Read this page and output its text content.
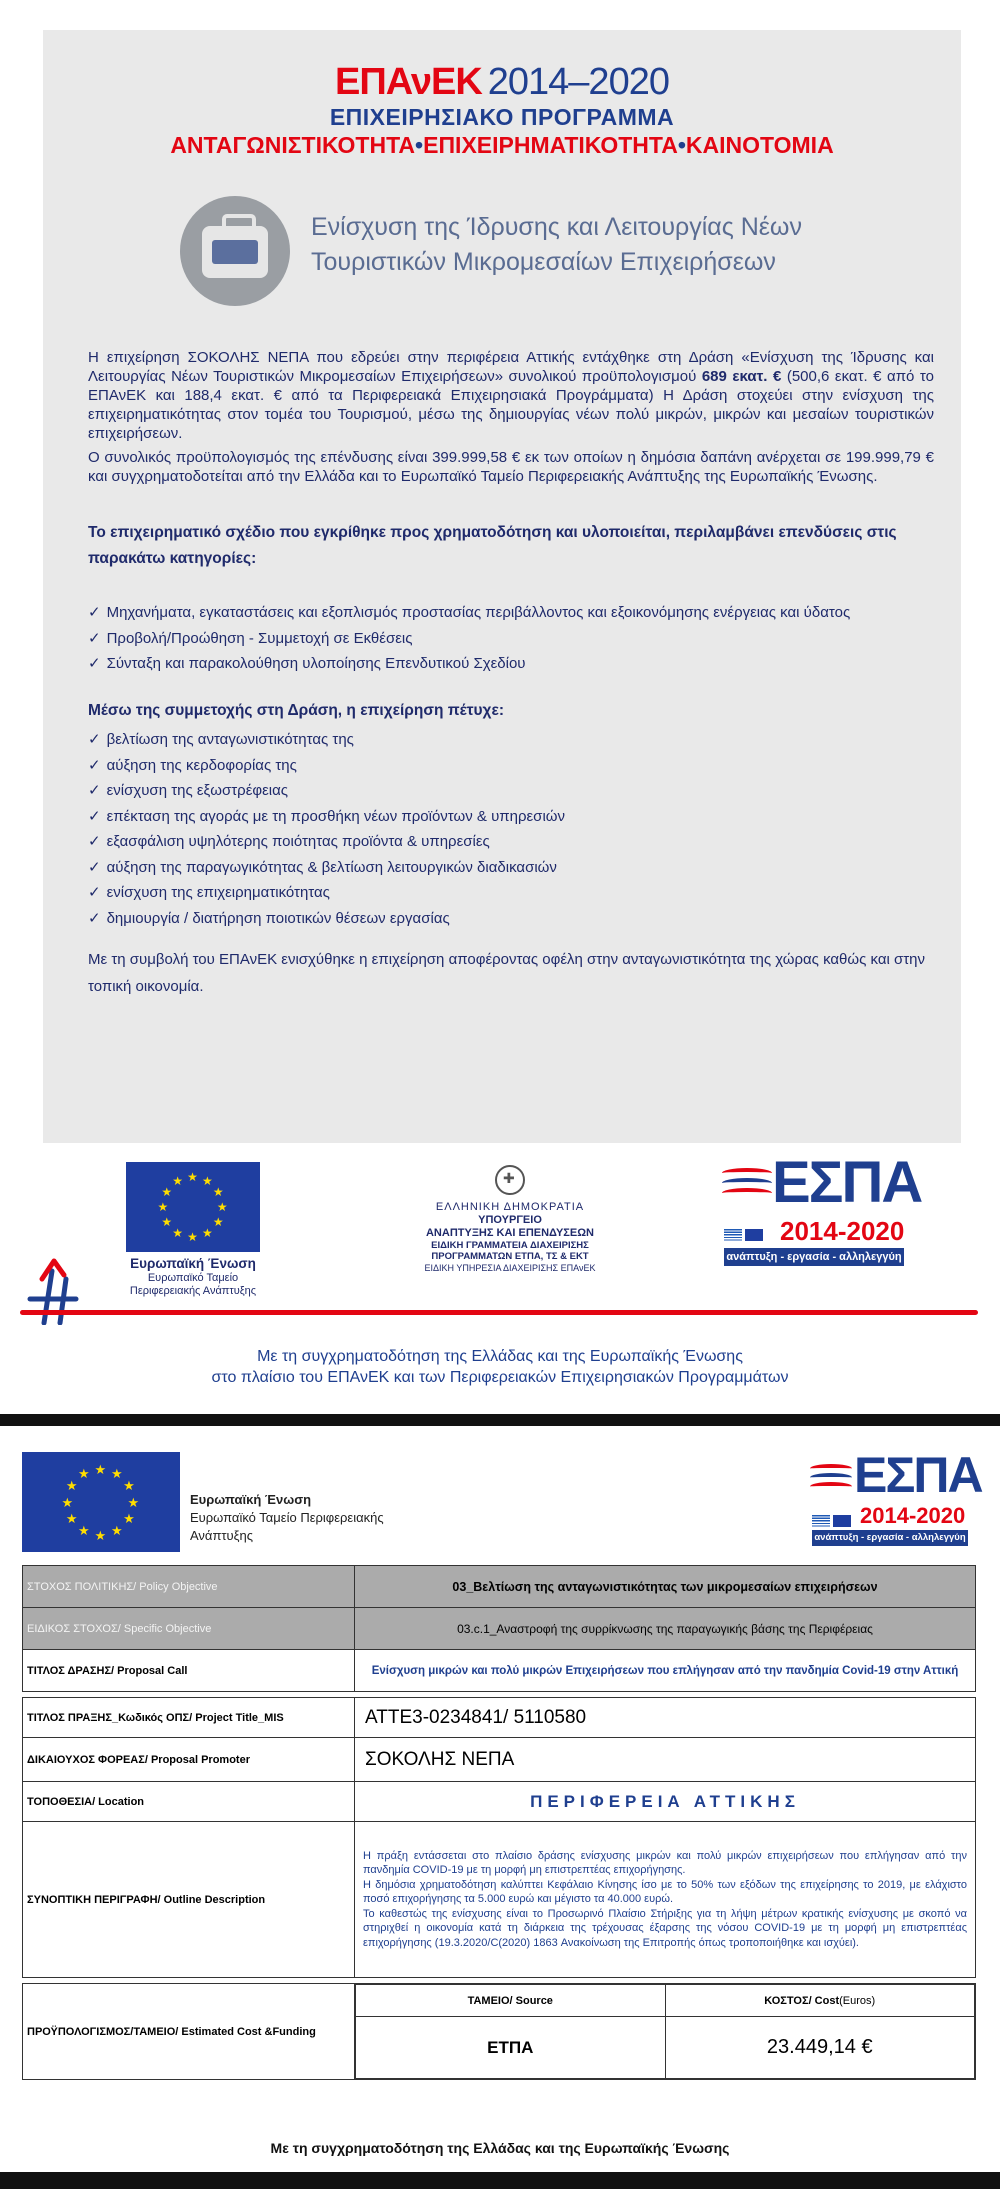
ΕΠΑνΕΚ 2014–2020
ΕΠΙΧΕΙΡΗΣΙΑΚΟ ΠΡΟΓΡΑΜΜΑ
ΑΝΤΑΓΩΝΙΣΤΙΚΟΤΗΤΑ•ΕΠΙΧΕΙΡΗΜΑΤΙΚΟΤΗΤΑ•ΚΑΙΝΟΤΟΜΙΑ
Ενίσχυση της Ίδρυσης και Λειτουργίας Νέων
Τουριστικών Μικρομεσαίων Επιχειρήσεων

Η επιχείρηση ΣΟΚΟΛΗΣ ΝΕΠΑ που εδρεύει στην περιφέρεια Αττικής εντάχθηκε στη Δράση «Ενίσχυση της Ίδρυσης και Λειτουργίας Νέων Τουριστικών Μικρομεσαίων Επιχειρήσεων» συνολικού προϋπολογισμού 689 εκατ. € (500,6 εκατ. € από το ΕΠΑνΕΚ και 188,4 εκατ. € από τα Περιφερειακά Επιχειρησιακά Προγράμματα) Η Δράση στοχεύει στην ενίσχυση της επιχειρηματικότητας στον τομέα του Τουρισμού, μέσω της δημιουργίας νέων πολύ μικρών, μικρών και μεσαίων τουριστικών επιχειρήσεων.

Ο συνολικός προϋπολογισμός της επένδυσης είναι 399.999,58 € εκ των οποίων η δημόσια δαπάνη ανέρχεται σε 199.999,79 € και συγχρηματοδοτείται από την Ελλάδα και το Ευρωπαϊκό Ταμείο Περιφερειακής Ανάπτυξης της Ευρωπαϊκής Ένωσης.

Το επιχειρηματικό σχέδιο που εγκρίθηκε προς χρηματοδότηση και υλοποιείται, περιλαμβάνει επενδύσεις στις παρακάτω κατηγορίες:
✓ Μηχανήματα, εγκαταστάσεις και εξοπλισμός προστασίας περιβάλλοντος και εξοικονόμησης ενέργειας και ύδατος
✓ Προβολή/Προώθηση - Συμμετοχή σε Εκθέσεις
✓ Σύνταξη και παρακολούθηση υλοποίησης Επενδυτικού Σχεδίου
Μέσω της συμμετοχής στη Δράση, η επιχείρηση πέτυχε:
✓ βελτίωση της ανταγωνιστικότητας της
✓ αύξηση της κερδοφορίας της
✓ ενίσχυση της εξωστρέφειας
✓ επέκταση της αγοράς με τη προσθήκη νέων προϊόντων & υπηρεσιών
✓ εξασφάλιση υψηλότερης ποιότητας προϊόντα & υπηρεσίες
✓ αύξηση της παραγωγικότητας & βελτίωση λειτουργικών διαδικασιών
✓ ενίσχυση της επιχειρηματικότητας
✓ δημιουργία / διατήρηση ποιοτικών θέσεων εργασίας

Με τη συμβολή του ΕΠΑνΕΚ ενισχύθηκε η επιχείρηση αποφέροντας οφέλη στην ανταγωνιστικότητα της χώρας καθώς και στην τοπική οικονομία.

★ ★
★
★
★
★
★
★
★
★
★
★
Ευρωπαϊκή Ένωση
Ευρωπαϊκό Ταμείο
Περιφερειακής Ανάπτυξης
✚
ΕΛΛΗΝΙΚΗ ΔΗΜΟΚΡΑΤΙΑ
ΥΠΟΥΡΓΕΙΟ
ΑΝΑΠΤΥΞΗΣ ΚΑΙ ΕΠΕΝΔΥΣΕΩΝ
ΕΙΔΙΚΗ ΓΡΑΜΜΑΤΕΙΑ ΔΙΑΧΕΙΡΙΣΗΣ
ΠΡΟΓΡΑΜΜΑΤΩΝ ΕΤΠΑ, ΤΣ & ΕΚΤ
ΕΙΔΙΚΗ ΥΠΗΡΕΣΙΑ ΔΙΑΧΕΙΡΙΣΗΣ ΕΠΑνΕΚ
ΕΣΠΑ
2014-2020
ανάπτυξη - εργασία - αλληλεγγύη
Με τη συγχρηματοδότηση της Ελλάδας και της Ευρωπαϊκής Ένωσης
στο πλαίσιο του ΕΠΑνΕΚ και των Περιφερειακών Επιχειρησιακών Προγραμμάτων
★ ★
★
★
★
★
★
★
★
★
★
★
Ευρωπαϊκή Ένωση
Ευρωπαϊκό Ταμείο Περιφερειακής
Ανάπτυξης
ΕΣΠΑ
2014-2020
ανάπτυξη - εργασία - αλληλεγγύη
ΣΤΟΧΟΣ ΠΟΛΙΤΙΚΗΣ/ Policy Objective	03_Βελτίωση της ανταγωνιστικότητας των μικρομεσαίων επιχειρήσεων
ΕΙΔΙΚΟΣ ΣΤΟΧΟΣ/ Specific Objective	03.c.1_Αναστροφή της συρρίκνωσης της παραγωγικής βάσης της Περιφέρειας
ΤΙΤΛΟΣ ΔΡΑΣΗΣ/ Proposal Call	Ενίσχυση μικρών και πολύ μικρών Επιχειρήσεων που επλήγησαν από την πανδημία Covid-19 στην Αττική

ΤΙΤΛΟΣ ΠΡΑΞΗΣ_Κωδικός ΟΠΣ/ Project Title_MIS	ΑΤΤΕ3-0234841/ 5110580
ΔΙΚΑΙΟΥΧΟΣ ΦΟΡΕΑΣ/ Proposal Promoter	ΣΟΚΟΛΗΣ ΝΕΠΑ
ΤΟΠΟΘΕΣΙΑ/ Location	ΠΕΡΙΦΕΡΕΙΑ ΑΤΤΙΚΗΣ
ΣΥΝΟΠΤΙΚΗ ΠΕΡΙΓΡΑΦΗ/ Outline Description	
Η πράξη εντάσσεται στο πλαίσιο δράσης ενίσχυσης μικρών και πολύ μικρών επιχειρήσεων που επλήγησαν από την πανδημία COVID-19 με τη μορφή μη επιστρεπτέας επιχορήγησης.
Η δημόσια χρηματοδότηση καλύπτει Κεφάλαιο Κίνησης ίσο με το 50% των εξόδων της επιχείρησης το 2019, με ελάχιστο ποσό επιχορήγησης τα 5.000 ευρώ και μέγιστο τα 40.000 ευρώ.
Το καθεστώς της ενίσχυσης είναι το Προσωρινό Πλαίσιο Στήριξης για τη λήψη μέτρων κρατικής ενίσχυσης με σκοπό να στηριχθεί η οικονομία κατά τη διάρκεια της τρέχουσας έξαρσης της νόσου COVID-19 με τη μορφή μη επιστρεπτέας επιχορήγησης (19.3.2020/C(2020) 1863 Ανακοίνωση της Επιτροπής όπως τροποποιήθηκε και ισχύει).

ΠΡΟΫΠΟΛΟΓΙΣΜΟΣ/ΤΑΜΕΙΟ/ Estimated Cost &Funding	
ΤΑΜΕΙΟ/ Source	ΚΟΣΤΟΣ/ Cost(Euros)
ΕΤΠΑ	23.449,14 €
Με τη συγχρηματοδότηση της Ελλάδας και της Ευρωπαϊκής Ένωσης
